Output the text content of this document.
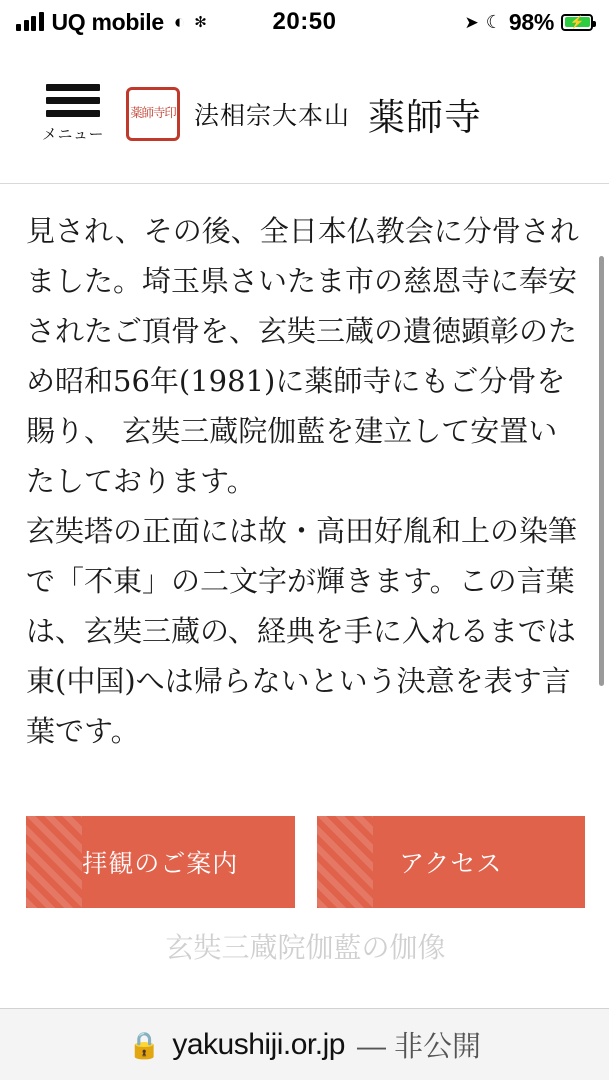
UQ mobile ◐ ✻	20:50	➤ ☾ 98% ⚡
メニュー
薬師寺印 法相宗大本山 薬師寺

見され、その後、全日本仏教会に分骨されました。埼玉県さいたま市の慈恩寺に奉安されたご頂骨を、玄奘三蔵の遺徳顕彰のため昭和56年(1981)に薬師寺にもご分骨を賜り、 玄奘三蔵院伽藍を建立して安置いたしております。

玄奘塔の正面には故・高田好胤和上の染筆で「不東」の二文字が輝きます。この言葉は、玄奘三蔵の、経典を手に入れるまでは東(中国)へは帰らないという決意を表す言葉です。

拝観のご案内	アクセス
玄奘三蔵院伽藍の伽像
🔒 yakushiji.or.jp — 非公開
